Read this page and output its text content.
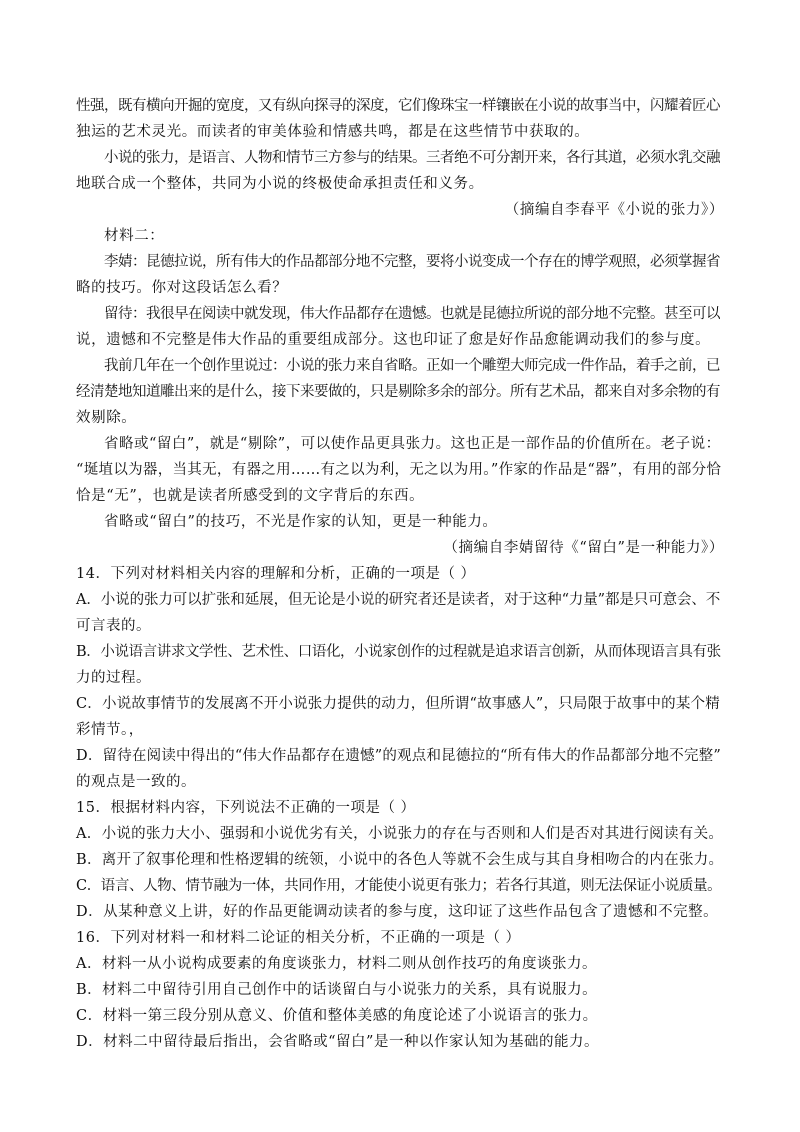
性强，既有横向开掘的宽度，又有纵向探寻的深度，它们像珠宝一样镶嵌在小说的故事当中，闪耀着匠心
独运的艺术灵光。而读者的审美体验和情感共鸣，都是在这些情节中获取的。
小说的张力，是语言、人物和情节三方参与的结果。三者绝不可分割开来，各行其道，必须水乳交融
地联合成一个整体，共同为小说的终极使命承担责任和义务。
（摘编自李春平《小说的张力》）
材料二：
李婧：昆德拉说，所有伟大的作品都部分地不完整，要将小说变成一个存在的博学观照，必须掌握省
略的技巧。你对这段话怎么看？
留待：我很早在阅读中就发现，伟大作品都存在遗憾。也就是昆德拉所说的部分地不完整。甚至可以
说，遗憾和不完整是伟大作品的重要组成部分。这也印证了愈是好作品愈能调动我们的参与度。
我前几年在一个创作里说过：小说的张力来自省略。正如一个雕塑大师完成一件作品，着手之前，已
经清楚地知道雕出来的是什么，接下来要做的，只是剔除多余的部分。所有艺术品，都来自对多余物的有
效剔除。
省略或“留白”，就是“剔除”，可以使作品更具张力。这也正是一部作品的价值所在。老子说：
“埏埴以为器，当其无，有器之用……有之以为利，无之以为用。”作家的作品是“器”，有用的部分恰
恰是“无”，也就是读者所感受到的文字背后的东西。
省略或“留白”的技巧，不光是作家的认知，更是一种能力。
（摘编自李婧留待《“留白”是一种能力》）
14．下列对材料相关内容的理解和分析，正确的一项是（ ）
A．小说的张力可以扩张和延展，但无论是小说的研究者还是读者，对于这种“力量”都是只可意会、不
可言表的。
B．小说语言讲求文学性、艺术性、口语化，小说家创作的过程就是追求语言创新，从而体现语言具有张
力的过程。
C．小说故事情节的发展离不开小说张力提供的动力，但所谓“故事感人”，只局限于故事中的某个精
彩情节。，
D．留待在阅读中得出的“伟大作品都存在遗憾”的观点和昆德拉的“所有伟大的作品都部分地不完整”
的观点是一致的。
15．根据材料内容，下列说法不正确的一项是（ ）
A．小说的张力大小、强弱和小说优劣有关，小说张力的存在与否则和人们是否对其进行阅读有关。
B．离开了叙事伦理和性格逻辑的统领，小说中的各色人等就不会生成与其自身相吻合的内在张力。
C．语言、人物、情节融为一体，共同作用，才能使小说更有张力；若各行其道，则无法保证小说质量。
D．从某种意义上讲，好的作品更能调动读者的参与度，这印证了这些作品包含了遗憾和不完整。
16．下列对材料一和材料二论证的相关分析，不正确的一项是（ ）
A．材料一从小说构成要素的角度谈张力，材料二则从创作技巧的角度谈张力。
B．材料二中留待引用自己创作中的话谈留白与小说张力的关系，具有说服力。
C．材料一第三段分别从意义、价值和整体美感的角度论述了小说语言的张力。
D．材料二中留待最后指出，会省略或“留白”是一种以作家认知为基础的能力。
